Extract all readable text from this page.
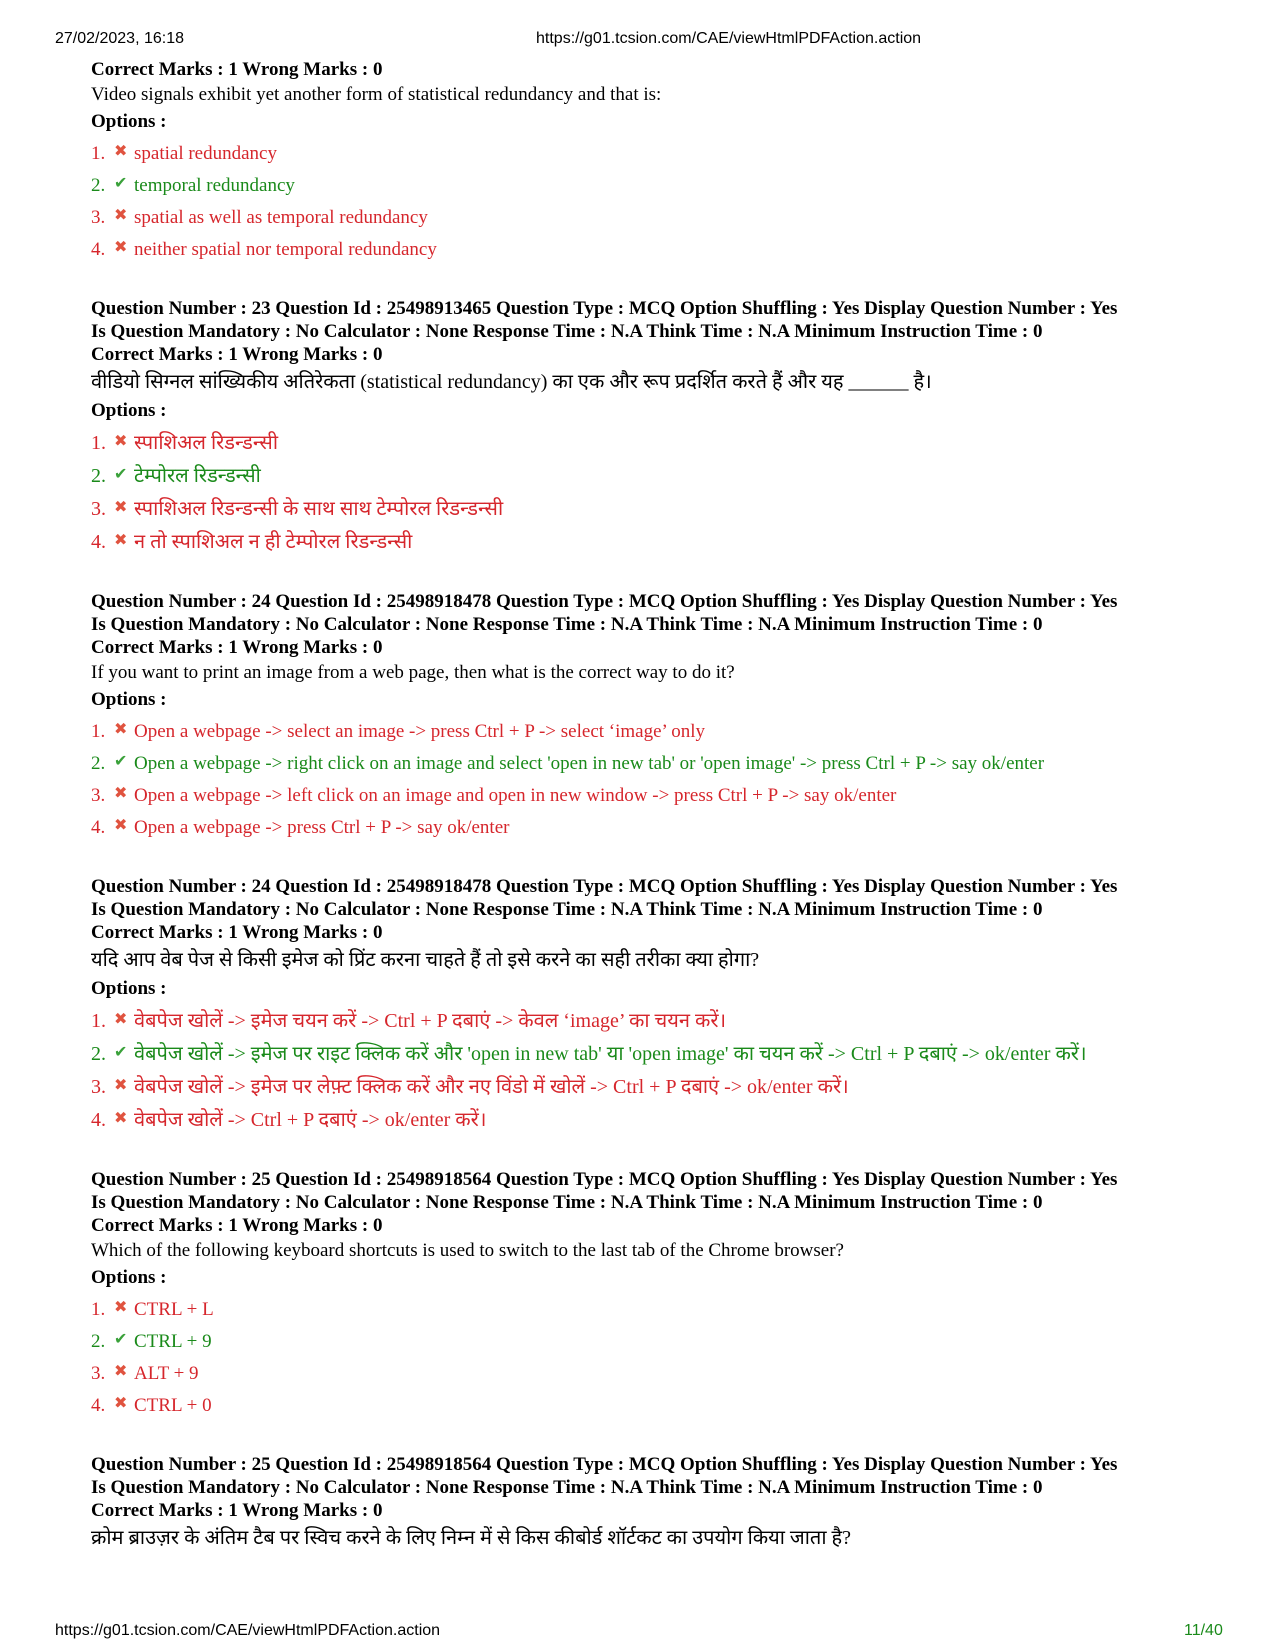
27/02/2023, 16:18	https://g01.tcsion.com/CAE/viewHtmlPDFAction.action
Correct Marks : 1 Wrong Marks : 0
Video signals exhibit yet another form of statistical redundancy and that is:
Options :
1. ✖ spatial redundancy
2. ✔ temporal redundancy
3. ✖ spatial as well as temporal redundancy
4. ✖ neither spatial nor temporal redundancy
Question Number : 23 Question Id : 25498913465 Question Type : MCQ Option Shuffling : Yes Display Question Number : Yes
Is Question Mandatory : No Calculator : None Response Time : N.A Think Time : N.A Minimum Instruction Time : 0
Correct Marks : 1 Wrong Marks : 0
वीडियो सिग्नल सांख्यिकीय अतिरेकता (statistical redundancy) का एक और रूप प्रदर्शित करते हैं और यह ______ है।
Options :
1. ✖ स्पाशिअल रिडन्डन्सी
2. ✔ टेम्पोरल रिडन्डन्सी
3. ✖ स्पाशिअल रिडन्डन्सी के साथ साथ टेम्पोरल रिडन्डन्सी
4. ✖ न तो स्पाशिअल न ही टेम्पोरल रिडन्डन्सी
Question Number : 24 Question Id : 25498918478 Question Type : MCQ Option Shuffling : Yes Display Question Number : Yes
Is Question Mandatory : No Calculator : None Response Time : N.A Think Time : N.A Minimum Instruction Time : 0
Correct Marks : 1 Wrong Marks : 0
If you want to print an image from a web page, then what is the correct way to do it?
Options :
1. ✖ Open a webpage -> select an image -> press Ctrl + P -> select ‘image’ only
2. ✔ Open a webpage -> right click on an image and select 'open in new tab' or 'open image' -> press Ctrl + P -> say ok/enter
3. ✖ Open a webpage -> left click on an image and open in new window -> press Ctrl + P -> say ok/enter
4. ✖ Open a webpage -> press Ctrl + P -> say ok/enter
Question Number : 24 Question Id : 25498918478 Question Type : MCQ Option Shuffling : Yes Display Question Number : Yes
Is Question Mandatory : No Calculator : None Response Time : N.A Think Time : N.A Minimum Instruction Time : 0
Correct Marks : 1 Wrong Marks : 0
यदि आप वेब पेज से किसी इमेज को प्रिंट करना चाहते हैं तो इसे करने का सही तरीका क्या होगा?
Options :
1. ✖ वेबपेज खोलें -> इमेज चयन करें -> Ctrl + P दबाएं -> केवल ‘image’ का चयन करें।
2. ✔ वेबपेज खोलें -> इमेज पर राइट क्लिक करें और 'open in new tab' या 'open image' का चयन करें -> Ctrl + P दबाएं -> ok/enter करें।
3. ✖ वेबपेज खोलें -> इमेज पर लेफ़्ट क्लिक करें और नए विंडो में खोलें -> Ctrl + P दबाएं -> ok/enter करें।
4. ✖ वेबपेज खोलें -> Ctrl + P दबाएं -> ok/enter करें।
Question Number : 25 Question Id : 25498918564 Question Type : MCQ Option Shuffling : Yes Display Question Number : Yes
Is Question Mandatory : No Calculator : None Response Time : N.A Think Time : N.A Minimum Instruction Time : 0
Correct Marks : 1 Wrong Marks : 0
Which of the following keyboard shortcuts is used to switch to the last tab of the Chrome browser?
Options :
1. ✖ CTRL + L
2. ✔ CTRL + 9
3. ✖ ALT + 9
4. ✖ CTRL + 0
Question Number : 25 Question Id : 25498918564 Question Type : MCQ Option Shuffling : Yes Display Question Number : Yes
Is Question Mandatory : No Calculator : None Response Time : N.A Think Time : N.A Minimum Instruction Time : 0
Correct Marks : 1 Wrong Marks : 0
क्रोम ब्राउज़र के अंतिम टैब पर स्विच करने के लिए निम्न में से किस कीबोर्ड शॉर्टकट का उपयोग किया जाता है?
https://g01.tcsion.com/CAE/viewHtmlPDFAction.action	11/40
